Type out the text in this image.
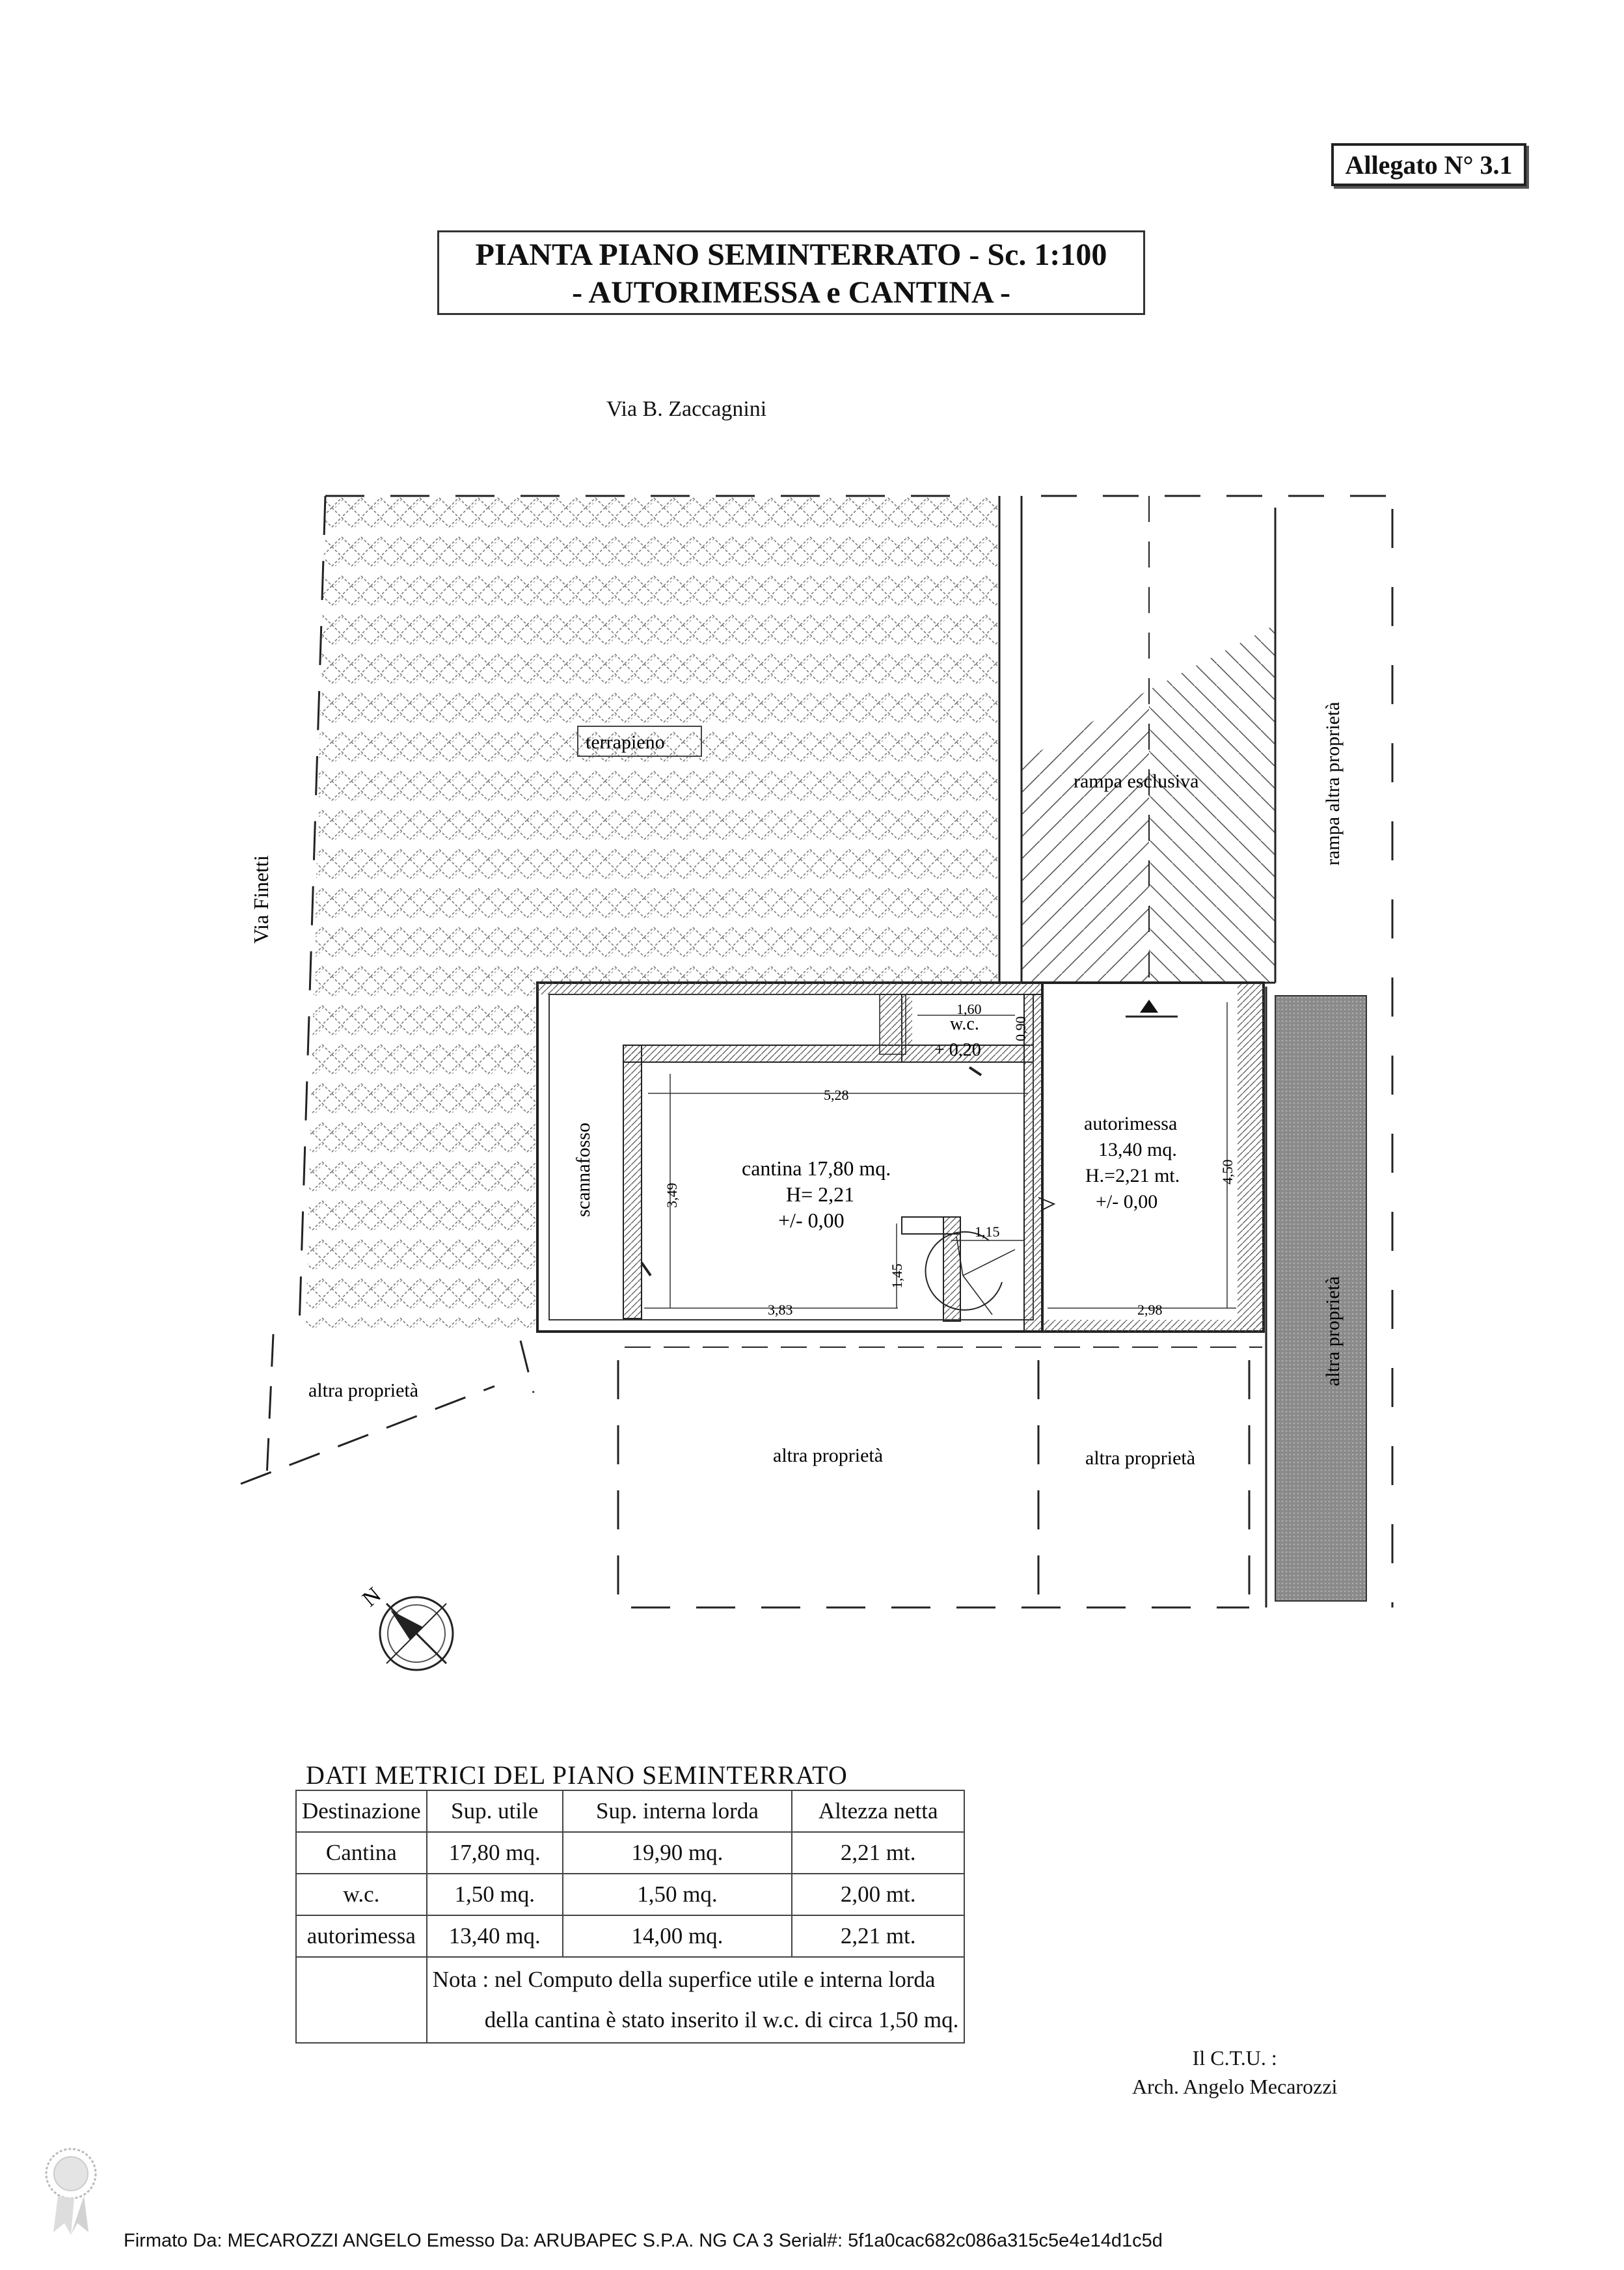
Allegato N° 3.1
PIANTA PIANO SEMINTERRATO - Sc. 1:100
- AUTORIMESSA e CANTINA -
Via B. Zaccagnini
terrapieno
rampa esclusiva	rampa altra proprietà
Via Finetti
scannafosso
w.c.
+ 0,20
1,60
0,90
5,28
3,49
3,83
1,45
1,15
4,50
2,98
cantina 17,80 mq.
H= 2,21
+/- 0,00
autorimessa
13,40 mq.
H.=2,21 mt.
+/- 0,00
altra proprietà
altra proprietà	altra proprietà
altra proprietà
N
DATI METRICI DEL PIANO SEMINTERRATO
Destinazione	Sup. utile	Sup. interna lorda	Altezza netta
Cantina	17,80 mq.	19,90 mq.	2,21 mt.
w.c.	1,50 mq.	1,50 mq.	2,00 mt.
autorimessa	13,40 mq.	14,00 mq.	2,21 mt.

	Nota : nel Computo della superfice utile e interna lorda
della cantina è stato inserito il w.c. di circa 1,50 mq.		
Il C.T.U. :
Arch. Angelo Mecarozzi
Firmato Da: MECAROZZI ANGELO Emesso Da: ARUBAPEC S.P.A. NG CA 3 Serial#: 5f1a0cac682c086a315c5e4e14d1c5d
